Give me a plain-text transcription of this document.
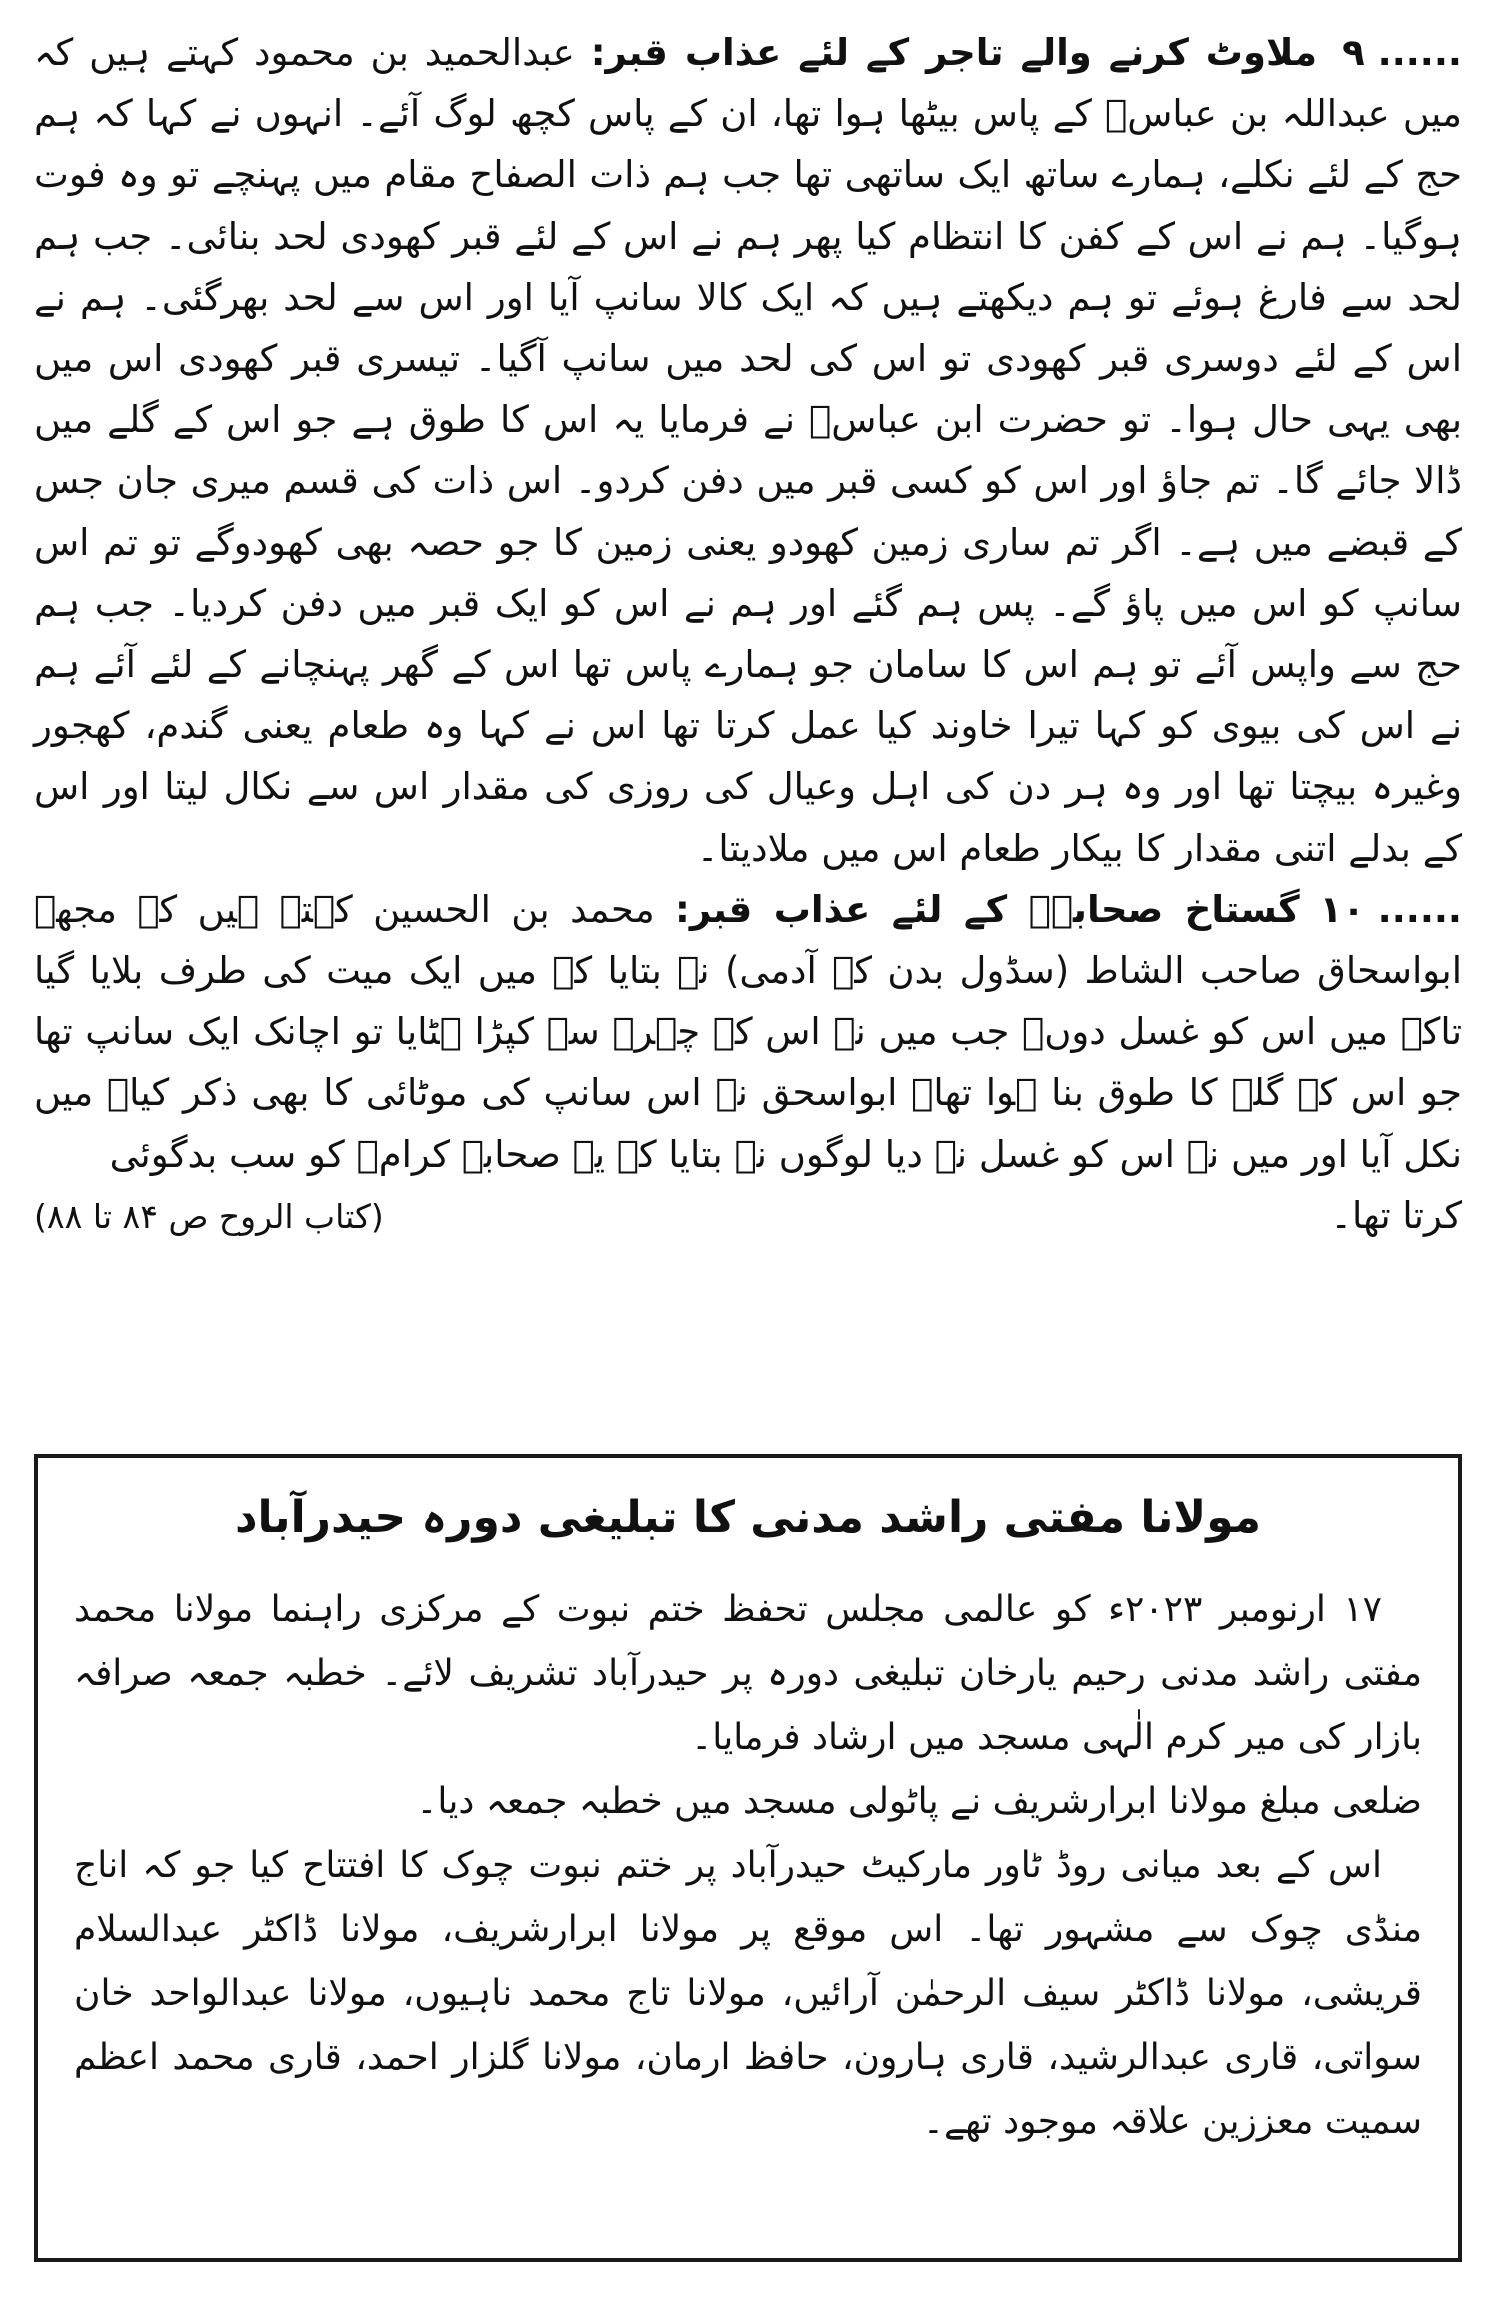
۹ ......ملاوٹ کرنے والے تاجر کے لئے عذاب قبر: عبدالحمید بن محمود کہتے ہیں کہ میں عبداللہ بن عباسؓ کے پاس بیٹھا ہوا تھا، ان کے پاس کچھ لوگ آئے۔ انہوں نے کہا کہ ہم حج کے لئے نکلے، ہمارے ساتھ ایک ساتھی تھا جب ہم ذات الصفاح مقام میں پہنچے تو وہ فوت ہوگیا۔ ہم نے اس کے کفن کا انتظام کیا پھر ہم نے اس کے لئے قبر کھودی لحد بنائی۔ جب ہم لحد سے فارغ ہوئے تو ہم دیکھتے ہیں کہ ایک کالا سانپ آیا اور اس سے لحد بھرگئی۔ ہم نے اس کے لئے دوسری قبر کھودی تو اس کی لحد میں سانپ آگیا۔ تیسری قبر کھودی اس میں بھی یہی حال ہوا۔ تو حضرت ابن عباسؓ نے فرمایا یہ اس کا طوق ہے جو اس کے گلے میں ڈالا جائے گا۔ تم جاؤ اور اس کو کسی قبر میں دفن کردو۔ اس ذات کی قسم میری جان جس کے قبضے میں ہے۔ اگر تم ساری زمین کھودو یعنی زمین کا جو حصہ بھی کھودوگے تو تم اس سانپ کو اس میں پاؤ گے۔ پس ہم گئے اور ہم نے اس کو ایک قبر میں دفن کردیا۔ جب ہم حج سے واپس آئے تو ہم اس کا سامان جو ہمارے پاس تھا اس کے گھر پہنچانے کے لئے آئے ہم نے اس کی بیوی کو کہا تیرا خاوند کیا عمل کرتا تھا اس نے کہا وہ طعام یعنی گندم، کھجور وغیرہ بیچتا تھا اور وہ ہر دن کی اہل وعیال کی روزی کی مقدار اس سے نکال لیتا اور اس کے بدلے اتنی مقدار کا بیکار طعام اس میں ملادیتا۔

۱۰ ......گستاخ صحابہؓ کے لئے عذاب قبر: محمد بن الحسین کہتے ہیں کہ مجھے ابواسحاق صاحب الشاط (سڈول بدن کے آدمی) نے بتایا کہ میں ایک میت کی طرف بلایا گیا تاکہ میں اس کو غسل دوں۔ جب میں نے اس کے چہرے سے کپڑا ہٹایا تو اچانک ایک سانپ تھا جو اس کے گلے کا طوق بنا ہوا تھا۔ ابواسحق نے اس سانپ کی موٹائی کا بھی ذکر کیا۔ میں نکل آیا اور میں نے اس کو غسل نہ دیا لوگوں نے بتایا کہ یہ صحابہ کرامؓ کو سب بدگوئی

کرتا تھا۔
(کتاب الروح ص ۸۴ تا ۸۸)
مولانا مفتی راشد مدنی کا تبلیغی دورہ حیدرآباد

۱۷ ارنومبر ۲۰۲۳ء کو عالمی مجلس تحفظ ختم نبوت کے مرکزی راہنما مولانا محمد مفتی راشد مدنی رحیم یارخان تبلیغی دورہ پر حیدرآباد تشریف لائے۔ خطبہ جمعہ صرافہ بازار کی میر کرم الٰہی مسجد میں ارشاد فرمایا۔

ضلعی مبلغ مولانا ابرارشریف نے پاٹولی مسجد میں خطبہ جمعہ دیا۔

اس کے بعد میانی روڈ ٹاور مارکیٹ حیدرآباد پر ختم نبوت چوک کا افتتاح کیا جو کہ اناج منڈی چوک سے مشہور تھا۔ اس موقع پر مولانا ابرارشریف، مولانا ڈاکٹر عبدالسلام قریشی، مولانا ڈاکٹر سیف الرحمٰن آرائیں، مولانا تاج محمد ناہیوں، مولانا عبدالواحد خان سواتی، قاری عبدالرشید، قاری ہارون، حافظ ارمان، مولانا گلزار احمد، قاری محمد اعظم سمیت معززین علاقہ موجود تھے۔
